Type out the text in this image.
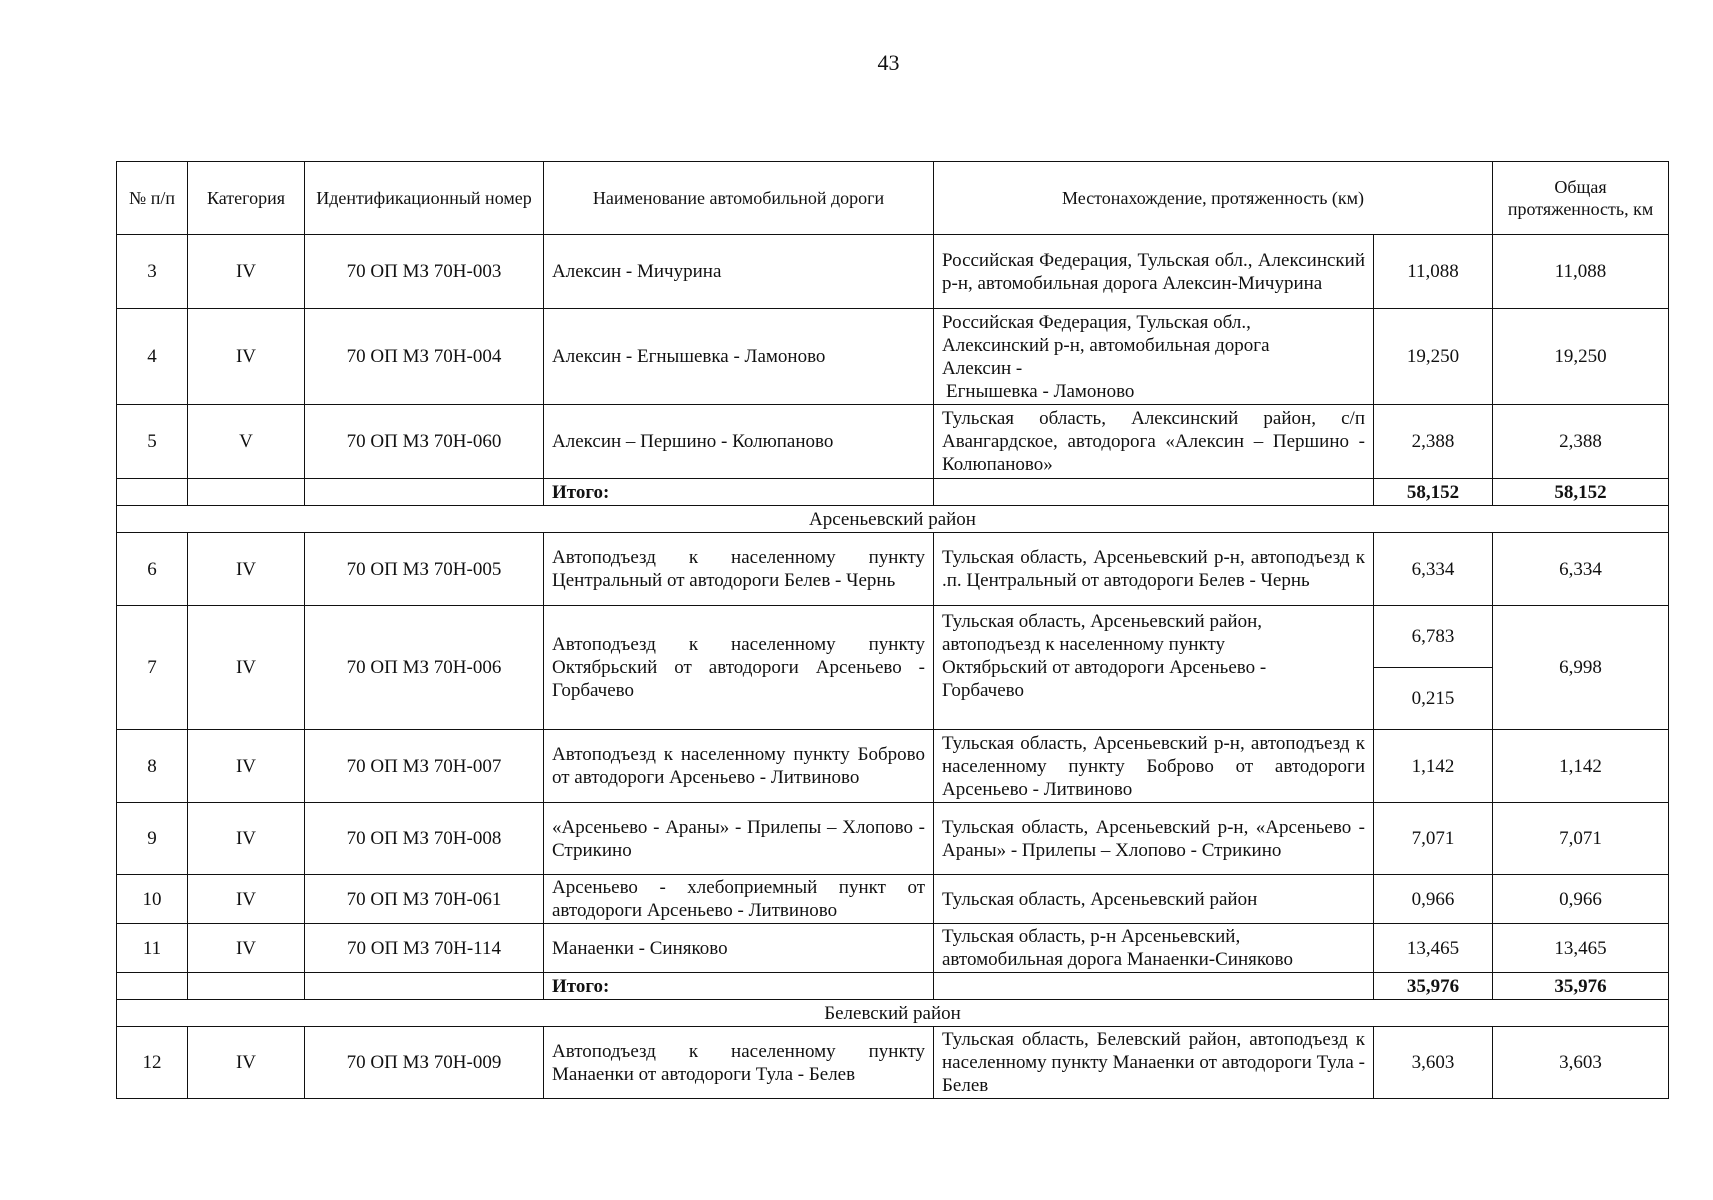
43
№ п/п	Категория	Идентификационный номер	Наименование автомобильной дороги	Местонахождение, протяженность (км)		Общая протяженность, км
3	IV	70 ОП МЗ 70Н-003	Алексин - Мичурина	Российская Федерация, Тульская обл., Алексинский р-н, автомобильная дорога Алексин-Мичурина	11,088	11,088
4	IV	70 ОП МЗ 70Н-004	Алексин - Егнышевка - Ламоново	Российская Федерация, Тульская обл.,
Алексинский р-н, автомобильная дорога
Алексин -
Егнышевка - Ламоново	19,250	19,250
5	V	70 ОП МЗ 70Н-060	Алексин – Першино - Колюпаново	Тульская область, Алексинский район, с/п Авангардское, автодорога «Алексин – Першино - Колюпаново»	2,388	2,388
			Итого:		58,152	58,152
Арсеньевский район						
6	IV	70 ОП МЗ 70Н-005	Автоподъезд к населенному пункту Центральный от автодороги Белев - Чернь	Тульская область, Арсеньевский р-н, автоподъезд к .п. Центральный от автодороги Белев - Чернь	6,334	6,334
7	IV	70 ОП МЗ 70Н-006	Автоподъезд к населенному пункту Октябрьский от автодороги Арсеньево - Горбачево	Тульская область, Арсеньевский район,
автоподъезд к населенному пункту
Октябрьский от автодороги Арсеньево -
Горбачево	6,783	6,998
					0,215	
8	IV	70 ОП МЗ 70Н-007	Автоподъезд к населенному пункту Боброво от автодороги Арсеньево - Литвиново	Тульская область, Арсеньевский р-н, автоподъезд к населенному пункту Боброво от автодороги Арсеньево - Литвиново	1,142	1,142
9	IV	70 ОП МЗ 70Н-008	«Арсеньево - Араны» - Прилепы – Хлопово - Стрикино	Тульская область, Арсеньевский р-н, «Арсеньево - Араны» - Прилепы – Хлопово - Стрикино	7,071	7,071
10	IV	70 ОП МЗ 70Н-061	Арсеньево - хлебоприемный пункт от автодороги Арсеньево - Литвиново	Тульская область, Арсеньевский район	0,966	0,966
11	IV	70 ОП МЗ 70Н-114	Манаенки - Синяково	Тульская область, р-н Арсеньевский,
автомобильная дорога Манаенки-Синяково	13,465	13,465
			Итого:		35,976	35,976
Белевский район						
12	IV	70 ОП МЗ 70Н-009	Автоподъезд к населенному пункту Манаенки от автодороги Тула - Белев	Тульская область, Белевский район, автоподъезд к населенному пункту Манаенки от автодороги Тула - Белев	3,603	3,603
